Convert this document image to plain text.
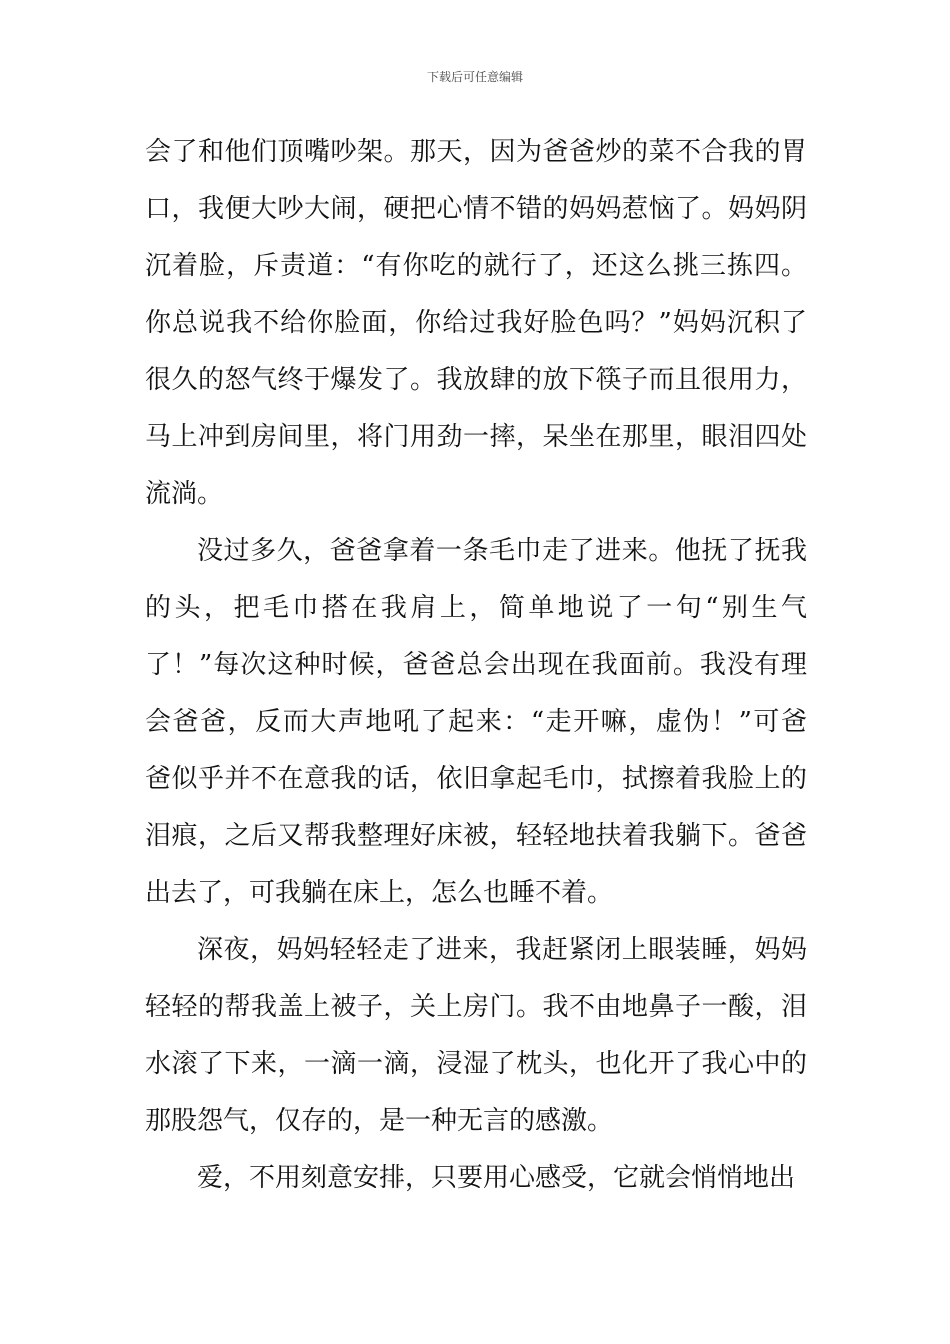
下载后可任意编辑
会了和他们顶嘴吵架。那天，因为爸爸炒的菜不合我的胃
口，我便大吵大闹，硬把心情不错的妈妈惹恼了。妈妈阴
沉着脸，斥责道：“有你吃的就行了，还这么挑三拣四。
你总说我不给你脸面，你给过我好脸色吗？”妈妈沉积了
很久的怒气终于爆发了。我放肆的放下筷子而且很用力，
马上冲到房间里，将门用劲一摔，呆坐在那里，眼泪四处
流淌。
没过多久，爸爸拿着一条毛巾走了进来。他抚了抚我
的头，把毛巾搭在我肩上，简单地说了一句“别生气
了！”每次这种时候，爸爸总会出现在我面前。我没有理
会爸爸，反而大声地吼了起来：“走开嘛，虚伪！”可爸
爸似乎并不在意我的话，依旧拿起毛巾，拭擦着我脸上的
泪痕，之后又帮我整理好床被，轻轻地扶着我躺下。爸爸
出去了，可我躺在床上，怎么也睡不着。
深夜，妈妈轻轻走了进来，我赶紧闭上眼装睡，妈妈
轻轻的帮我盖上被子，关上房门。我不由地鼻子一酸，泪
水滚了下来，一滴一滴，浸湿了枕头，也化开了我心中的
那股怨气，仅存的，是一种无言的感激。
爱，不用刻意安排，只要用心感受，它就会悄悄地出
